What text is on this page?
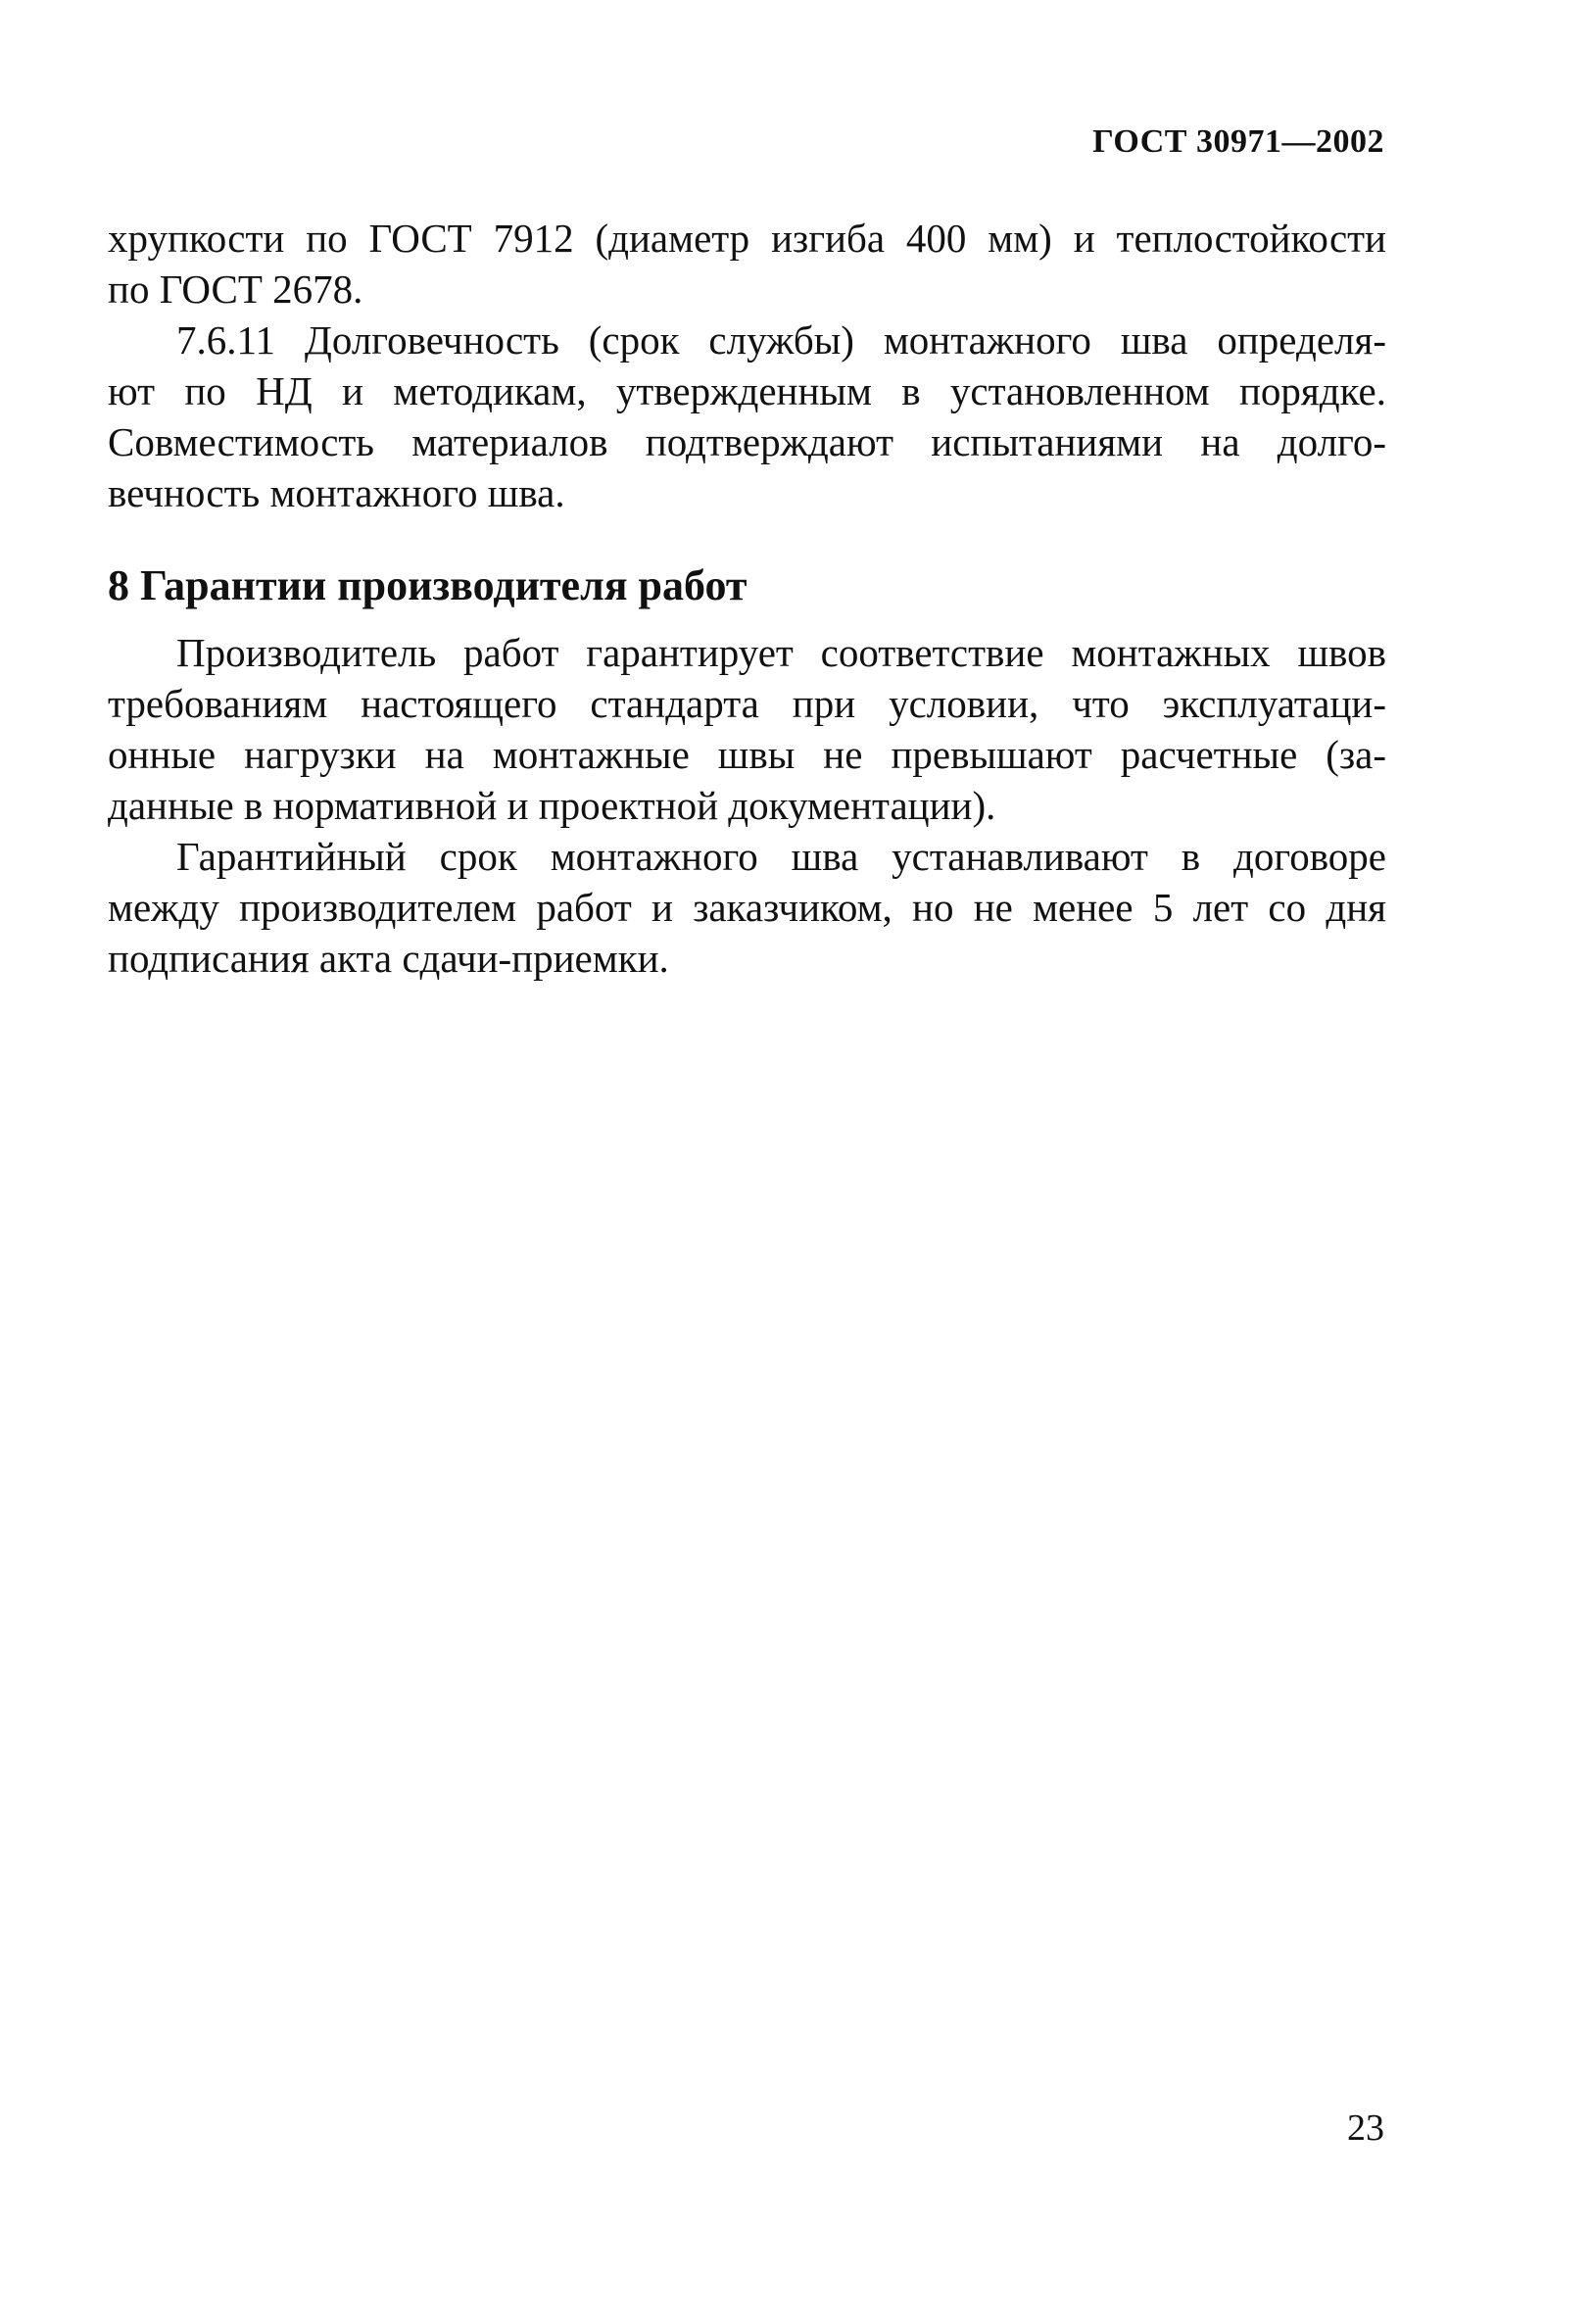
ГОСТ 30971—2002
хрупкости по ГОСТ 7912 (диаметр изгиба 400 мм) и теплостойкости
по ГОСТ 2678.
7.6.11 Долговечность (срок службы) монтажного шва определя-
ют по НД и методикам, утвержденным в установленном порядке.
Совместимость материалов подтверждают испытаниями на долго-
вечность монтажного шва.
8 Гарантии производителя работ
Производитель работ гарантирует соответствие монтажных швов
требованиям настоящего стандарта при условии, что эксплуатаци-
онные нагрузки на монтажные швы не превышают расчетные (за-
данные в нормативной и проектной документации).
Гарантийный срок монтажного шва устанавливают в договоре
между производителем работ и заказчиком, но не менее 5 лет со дня
подписания акта сдачи-приемки.
23
